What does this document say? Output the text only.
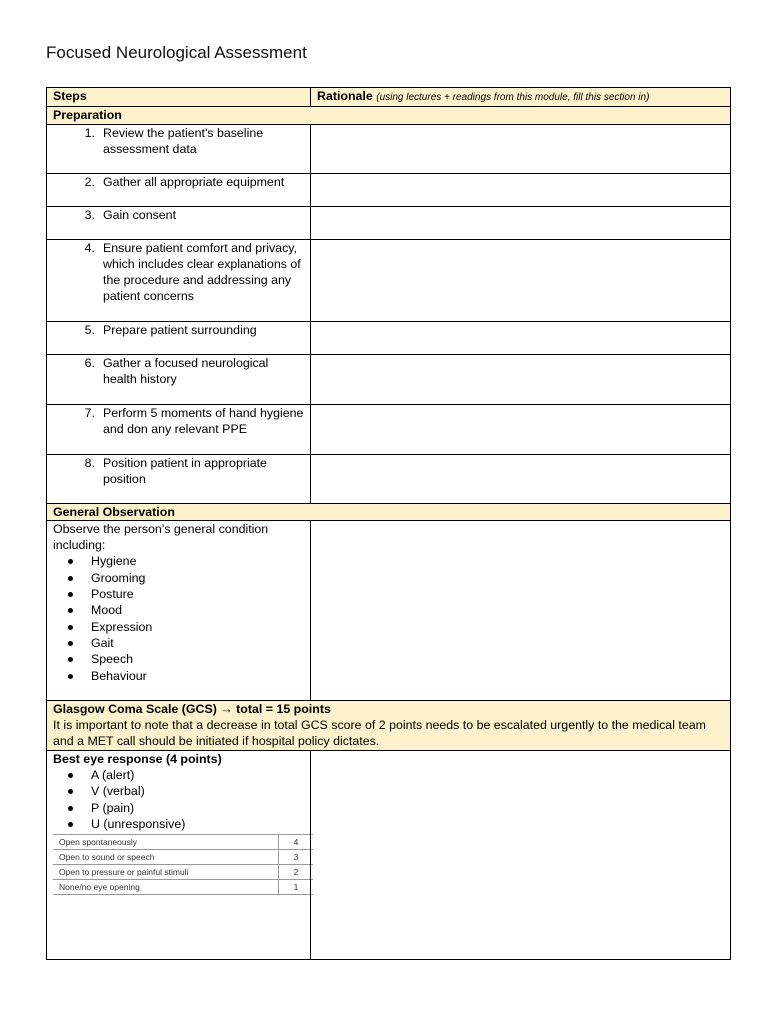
Focused Neurological Assessment
Steps	Rationale (using lectures + readings from this module, fill this section in)
Preparation

1. Review the patient's baseline assessment data

2. Gather all appropriate equipment

3. Gain consent

4. Ensure patient comfort and privacy, which includes clear explanations of the procedure and addressing any patient concerns

5. Prepare patient surrounding

6. Gather a focused neurological health history

7. Perform 5 moments of hand hygiene and don any relevant PPE

8. Position patient in appropriate position

General Observation

Observe the person's general condition including:
Hygiene
Grooming
Posture
Mood
Expression
Gait
Speech
Behaviour

Glasgow Coma Scale (GCS) → total = 15 points
It is important to note that a decrease in total GCS score of 2 points needs to be escalated urgently to the medical team and a MET call should be initiated if hospital policy dictates.

Best eye response (4 points)
A (alert)
V (verbal)
P (pain)
U (unresponsive)
Open spontaneously	4
Open to sound or speech	3
Open to pressure or painful stimuli	2
None/no eye opening	1
